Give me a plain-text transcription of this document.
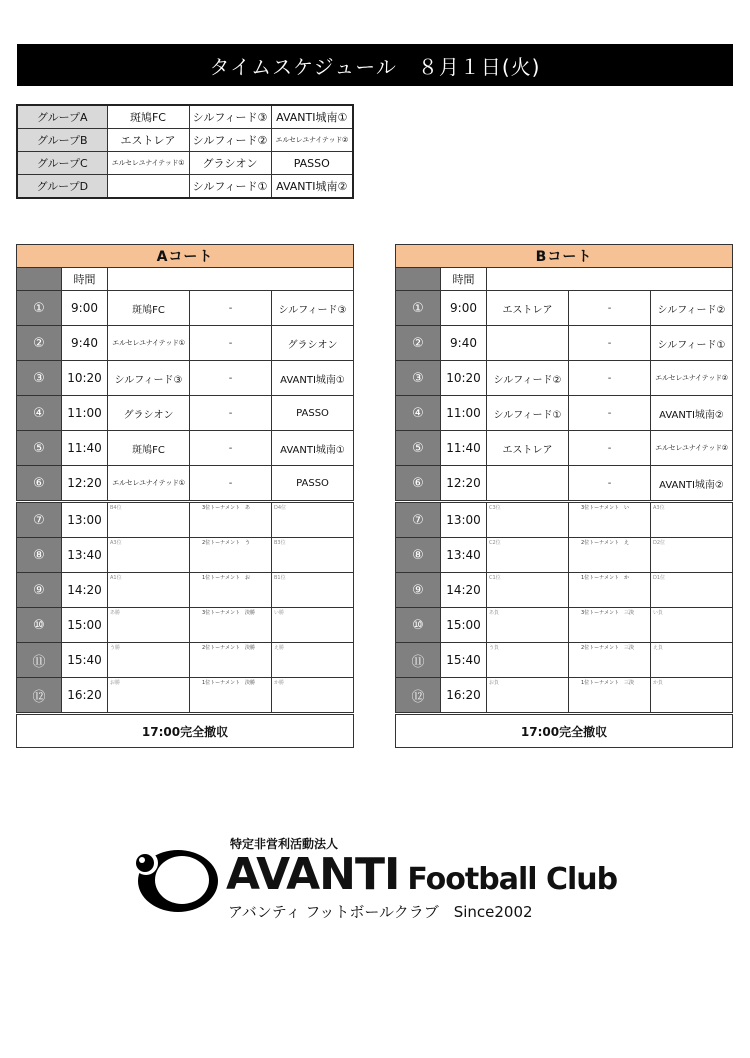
タイムスケジュール　８月１日(火)
グループA	斑鳩FC	シルフィード③	AVANTI城南①
グループB	エストレア	シルフィード②	エルセレユナイテッド②
グループC	エルセレユナイテッド①	グラシオン	PASSO
グループD		シルフィード①	AVANTI城南②
Aコート				
	時間			
①	9:00	斑鳩FC	-	シルフィード③
②	9:40	エルセレユナイテッド①	-	グラシオン
③	10:20	シルフィード③	-	AVANTI城南①
④	11:00	グラシオン	-	PASSO
⑤	11:40	斑鳩FC	-	AVANTI城南①
⑥	12:20	エルセレユナイテッド①	-	PASSO
⑦	13:00	B4位	3位トーナメント　あ	D4位

⑧	13:40	A3位	2位トーナメント　う	B3位

⑨	14:20	A1位	1位トーナメント　お	B1位

⑩	15:00	あ勝	3位トーナメント　決勝	い勝

⑪	15:40	う勝	2位トーナメント　決勝	え勝

⑫	16:20	お勝	1位トーナメント　決勝	か勝

17:00完全撤収				
Bコート				
	時間			
①	9:00	エストレア	-	シルフィード②
②	9:40		-	シルフィード①
③	10:20	シルフィード②	-	エルセレユナイテッド②
④	11:00	シルフィード①	-	AVANTI城南②
⑤	11:40	エストレア	-	エルセレユナイテッド②
⑥	12:20		-	AVANTI城南②
⑦	13:00	C3位	3位トーナメント　い	A3位

⑧	13:40	C2位	2位トーナメント　え	D2位

⑨	14:20	C1位	1位トーナメント　か	D1位

⑩	15:00	あ負	3位トーナメント　三決	い負

⑪	15:40	う負	2位トーナメント　三決	え負

⑫	16:20	お負	1位トーナメント　三決	か負

17:00完全撤収				
特定非営利活動法人
AVANTI Football Club
アバンティ フットボールクラブ　Since2002
